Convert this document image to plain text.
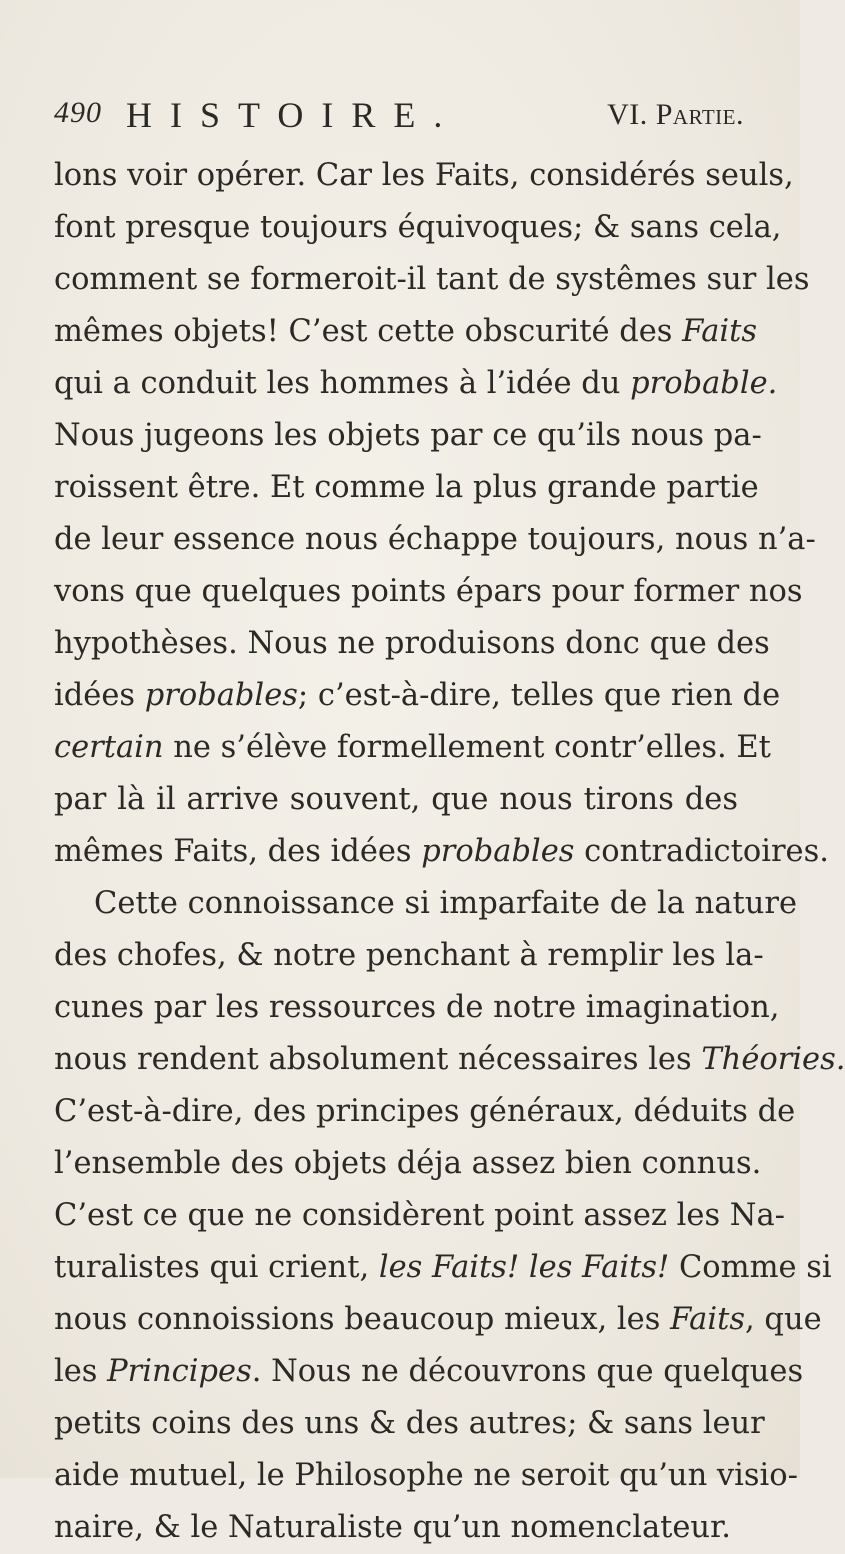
490 HISTOIRE.	VI. Partie.
lons voir opérer. Car les Faits, considérés seuls,
font presque toujours équivoques; & sans cela,
comment se formeroit-il tant de systêmes sur les
mêmes objets! C’est cette obscurité des Faits
qui a conduit les hommes à l’idée du probable.
Nous jugeons les objets par ce qu’ils nous pa-
roissent être. Et comme la plus grande partie
de leur essence nous échappe toujours, nous n’a-
vons que quelques points épars pour former nos
hypothèses. Nous ne produisons donc que des
idées probables; c’est-à-dire, telles que rien de
certain ne s’élève formellement contr’elles. Et
par là il arrive souvent, que nous tirons des
mêmes Faits, des idées probables contradictoires.
Cette connoissance si imparfaite de la nature
des chofes, & notre penchant à remplir les la-
cunes par les ressources de notre imagination,
nous rendent absolument nécessaires les Théories.
C’est-à-dire, des principes généraux, déduits de
l’ensemble des objets déja assez bien connus.
C’est ce que ne considèrent point assez les Na-
turalistes qui crient, les Faits! les Faits! Comme si
nous connoissions beaucoup mieux, les Faits, que
les Principes. Nous ne découvrons que quelques
petits coins des uns & des autres; & sans leur
aide mutuel, le Philosophe ne seroit qu’un visio-
naire, & le Naturaliste qu’un nomenclateur.
